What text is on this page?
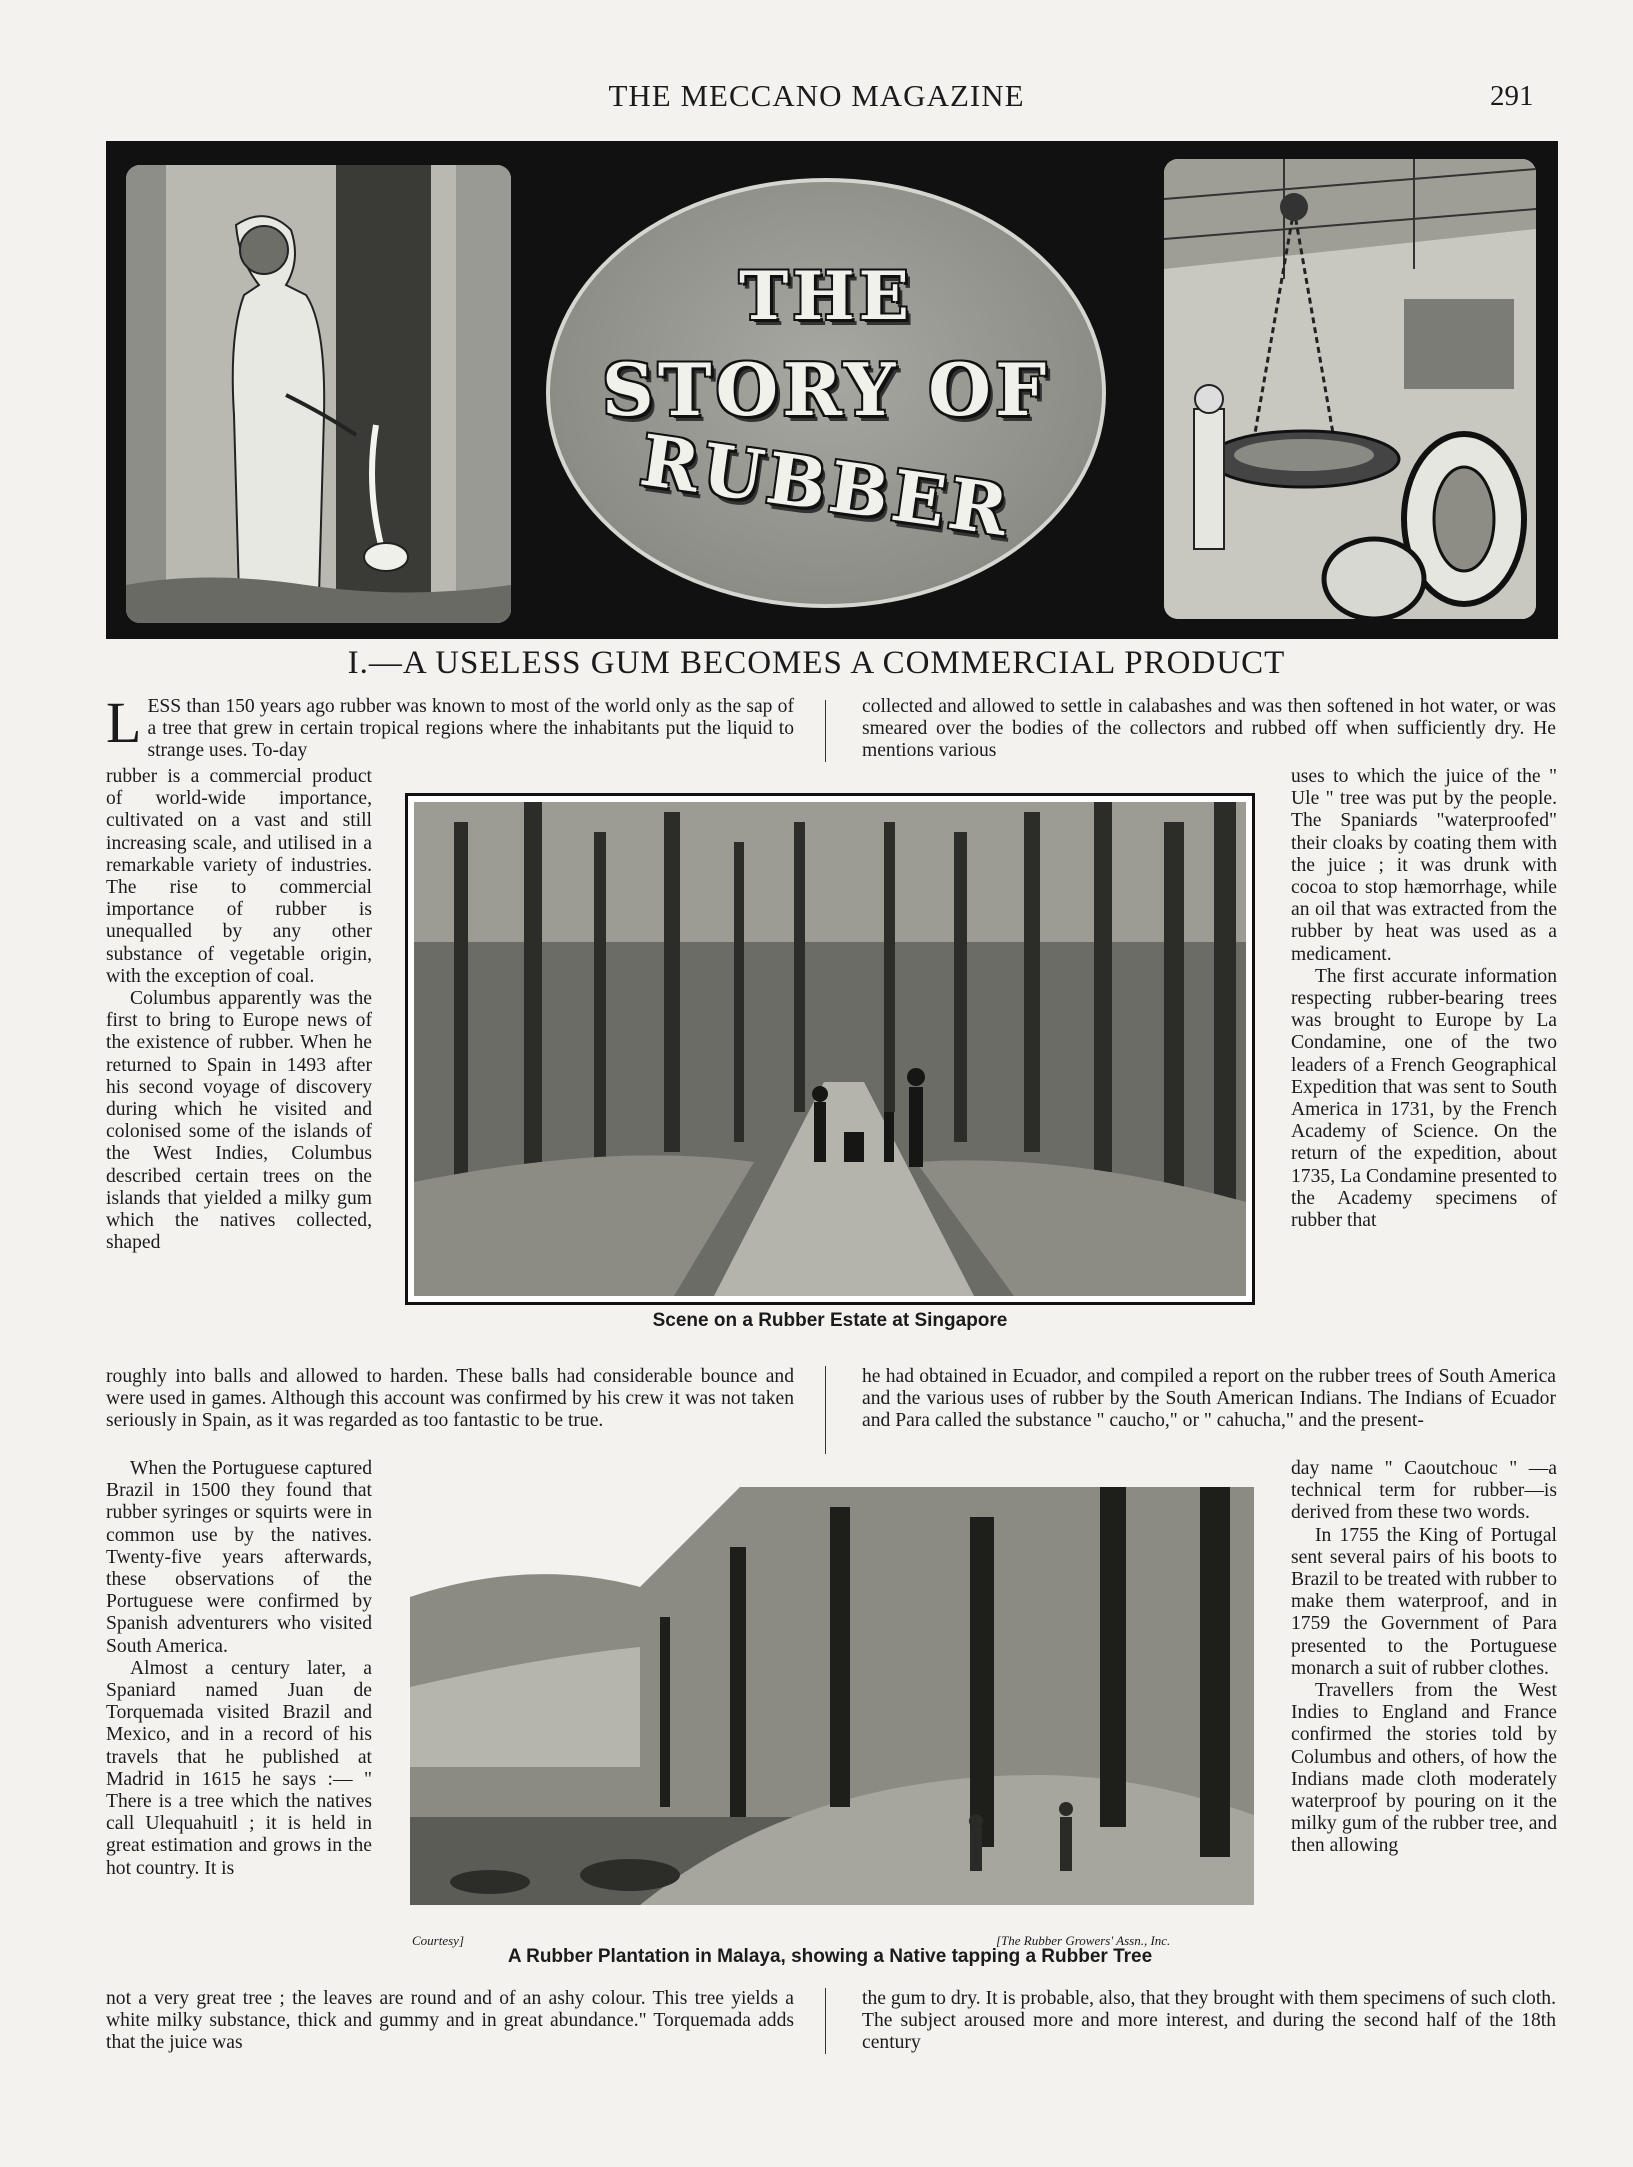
THE MECCANO MAGAZINE	291
THE
STORY OF
RUBBER
I.—A USELESS GUM BECOMES A COMMERCIAL PRODUCT

LESS than 150 years ago rubber was known to most of the world only as the sap of a tree that grew in certain tropical regions where the inhabitants put the liquid to strange uses. To-day

collected and allowed to settle in calabashes and was then softened in hot water, or was smeared over the bodies of the collectors and rubbed off when sufficiently dry. He mentions various

rubber is a commercial product of world-wide importance, cultivated on a vast and still increasing scale, and utilised in a remarkable variety of industries. The rise to commercial importance of rubber is unequalled by any other substance of vegetable origin, with the exception of coal.

Columbus apparently was the first to bring to Europe news of the existence of rubber. When he returned to Spain in 1493 after his second voyage of discovery during which he visited and colonised some of the islands of the West Indies, Columbus described certain trees on the islands that yielded a milky gum which the natives collected, shaped

Scene on a Rubber Estate at Singapore

uses to which the juice of the " Ule " tree was put by the people. The Spaniards "waterproofed" their cloaks by coating them with the juice ; it was drunk with cocoa to stop hæmorrhage, while an oil that was extracted from the rubber by heat was used as a medicament.

The first accurate information respecting rubber-bearing trees was brought to Europe by La Condamine, one of the two leaders of a French Geographical Expedition that was sent to South America in 1731, by the French Academy of Science. On the return of the expedition, about 1735, La Condamine presented to the Academy specimens of rubber that

roughly into balls and allowed to harden. These balls had considerable bounce and were used in games. Although this account was confirmed by his crew it was not taken seriously in Spain, as it was regarded as too fantastic to be true.

he had obtained in Ecuador, and compiled a report on the rubber trees of South America and the various uses of rubber by the South American Indians. The Indians of Ecuador and Para called the substance " caucho," or " cahucha," and the present-

When the Portuguese captured Brazil in 1500 they found that rubber syringes or squirts were in common use by the natives. Twenty-five years afterwards, these observations of the Portuguese were confirmed by Spanish adventurers who visited South America.

Almost a century later, a Spaniard named Juan de Torquemada visited Brazil and Mexico, and in a record of his travels that he published at Madrid in 1615 he says :— " There is a tree which the natives call Ulequahuitl ; it is held in great estimation and grows in the hot country. It is

Courtesy]	[The Rubber Growers' Assn., Inc.
A Rubber Plantation in Malaya, showing a Native tapping a Rubber Tree

day name " Caoutchouc " —a technical term for rubber—is derived from these two words.

In 1755 the King of Portugal sent several pairs of his boots to Brazil to be treated with rubber to make them waterproof, and in 1759 the Government of Para presented to the Portuguese monarch a suit of rubber clothes.

Travellers from the West Indies to England and France confirmed the stories told by Columbus and others, of how the Indians made cloth moderately waterproof by pouring on it the milky gum of the rubber tree, and then allowing

not a very great tree ; the leaves are round and of an ashy colour. This tree yields a white milky substance, thick and gummy and in great abundance." Torquemada adds that the juice was

the gum to dry. It is probable, also, that they brought with them specimens of such cloth. The subject aroused more and more interest, and during the second half of the 18th century
